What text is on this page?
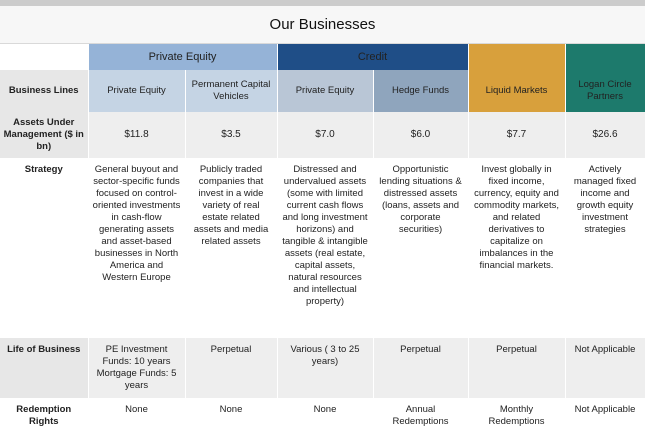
Our Businesses
	Private Equity		Credit			
Business Lines	Private Equity	Permanent Capital Vehicles	Private Equity	Hedge Funds	Liquid Markets	Logan Circle Partners
Assets Under Management ($ in bn)	$11.8	$3.5	$7.0	$6.0	$7.7	$26.6
Strategy	General buyout and sector-specific funds focused on control-oriented investments in cash-flow generating assets and asset-based businesses in North America and Western Europe	Publicly traded companies that invest in a wide variety of real estate related assets and media related assets	Distressed and undervalued assets (some with limited current cash flows and long investment horizons) and tangible & intangible assets (real estate, capital assets, natural resources and intellectual property)	Opportunistic lending situations & distressed assets (loans, assets and corporate securities)	Invest globally in fixed income, currency, equity and commodity markets, and related derivatives to capitalize on imbalances in the financial markets.	Actively managed fixed income and growth equity investment strategies
Life of Business	PE Investment Funds: 10 years Mortgage Funds: 5 years	Perpetual	Various ( 3 to 25 years)	Perpetual	Perpetual	Not Applicable
Redemption Rights	None	None	None	Annual Redemptions	Monthly Redemptions	Not Applicable
